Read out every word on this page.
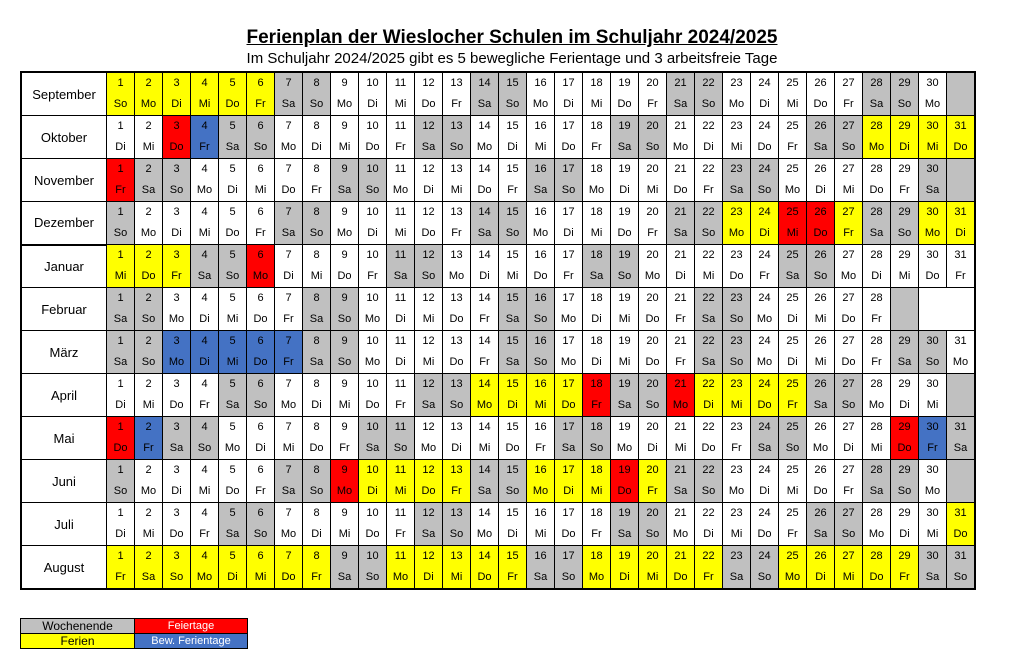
Ferienplan der Wieslocher Schulen im Schuljahr 2024/2025
Im Schuljahr 2024/2025 gibt es 5 bewegliche Ferientage und 3 arbeitsfreie Tage
September	1	2	3	4	5	6	7	8	9	10	11	12	13	14	15	16	17	18	19	20	21	22	23	24	25	26	27	28	29	30	
	So	Mo	Di	Mi	Do	Fr	Sa	So	Mo	Di	Mi	Do	Fr	Sa	So	Mo	Di	Mi	Do	Fr	Sa	So	Mo	Di	Mi	Do	Fr	Sa	So	Mo	
Oktober	1	2	3	4	5	6	7	8	9	10	11	12	13	14	15	16	17	18	19	20	21	22	23	24	25	26	27	28	29	30	31
	Di	Mi	Do	Fr	Sa	So	Mo	Di	Mi	Do	Fr	Sa	So	Mo	Di	Mi	Do	Fr	Sa	So	Mo	Di	Mi	Do	Fr	Sa	So	Mo	Di	Mi	Do
November	1	2	3	4	5	6	7	8	9	10	11	12	13	14	15	16	17	18	19	20	21	22	23	24	25	26	27	28	29	30	
	Fr	Sa	So	Mo	Di	Mi	Do	Fr	Sa	So	Mo	Di	Mi	Do	Fr	Sa	So	Mo	Di	Mi	Do	Fr	Sa	So	Mo	Di	Mi	Do	Fr	Sa	
Dezember	1	2	3	4	5	6	7	8	9	10	11	12	13	14	15	16	17	18	19	20	21	22	23	24	25	26	27	28	29	30	31
	So	Mo	Di	Mi	Do	Fr	Sa	So	Mo	Di	Mi	Do	Fr	Sa	So	Mo	Di	Mi	Do	Fr	Sa	So	Mo	Di	Mi	Do	Fr	Sa	So	Mo	Di
Januar	1	2	3	4	5	6	7	8	9	10	11	12	13	14	15	16	17	18	19	20	21	22	23	24	25	26	27	28	29	30	31
	Mi	Do	Fr	Sa	So	Mo	Di	Mi	Do	Fr	Sa	So	Mo	Di	Mi	Do	Fr	Sa	So	Mo	Di	Mi	Do	Fr	Sa	So	Mo	Di	Mi	Do	Fr
Februar	1	2	3	4	5	6	7	8	9	10	11	12	13	14	15	16	17	18	19	20	21	22	23	24	25	26	27	28			
	Sa	So	Mo	Di	Mi	Do	Fr	Sa	So	Mo	Di	Mi	Do	Fr	Sa	So	Mo	Di	Mi	Do	Fr	Sa	So	Mo	Di	Mi	Do	Fr			
März	1	2	3	4	5	6	7	8	9	10	11	12	13	14	15	16	17	18	19	20	21	22	23	24	25	26	27	28	29	30	31
	Sa	So	Mo	Di	Mi	Do	Fr	Sa	So	Mo	Di	Mi	Do	Fr	Sa	So	Mo	Di	Mi	Do	Fr	Sa	So	Mo	Di	Mi	Do	Fr	Sa	So	Mo
April	1	2	3	4	5	6	7	8	9	10	11	12	13	14	15	16	17	18	19	20	21	22	23	24	25	26	27	28	29	30	
	Di	Mi	Do	Fr	Sa	So	Mo	Di	Mi	Do	Fr	Sa	So	Mo	Di	Mi	Do	Fr	Sa	So	Mo	Di	Mi	Do	Fr	Sa	So	Mo	Di	Mi	
Mai	1	2	3	4	5	6	7	8	9	10	11	12	13	14	15	16	17	18	19	20	21	22	23	24	25	26	27	28	29	30	31
	Do	Fr	Sa	So	Mo	Di	Mi	Do	Fr	Sa	So	Mo	Di	Mi	Do	Fr	Sa	So	Mo	Di	Mi	Do	Fr	Sa	So	Mo	Di	Mi	Do	Fr	Sa
Juni	1	2	3	4	5	6	7	8	9	10	11	12	13	14	15	16	17	18	19	20	21	22	23	24	25	26	27	28	29	30	
	So	Mo	Di	Mi	Do	Fr	Sa	So	Mo	Di	Mi	Do	Fr	Sa	So	Mo	Di	Mi	Do	Fr	Sa	So	Mo	Di	Mi	Do	Fr	Sa	So	Mo	
Juli	1	2	3	4	5	6	7	8	9	10	11	12	13	14	15	16	17	18	19	20	21	22	23	24	25	26	27	28	29	30	31
	Di	Mi	Do	Fr	Sa	So	Mo	Di	Mi	Do	Fr	Sa	So	Mo	Di	Mi	Do	Fr	Sa	So	Mo	Di	Mi	Do	Fr	Sa	So	Mo	Di	Mi	Do
August	1	2	3	4	5	6	7	8	9	10	11	12	13	14	15	16	17	18	19	20	21	22	23	24	25	26	27	28	29	30	31
	Fr	Sa	So	Mo	Di	Mi	Do	Fr	Sa	So	Mo	Di	Mi	Do	Fr	Sa	So	Mo	Di	Mi	Do	Fr	Sa	So	Mo	Di	Mi	Do	Fr	Sa	So
Wochenende	Feiertage
Ferien	Bew. Ferientage
